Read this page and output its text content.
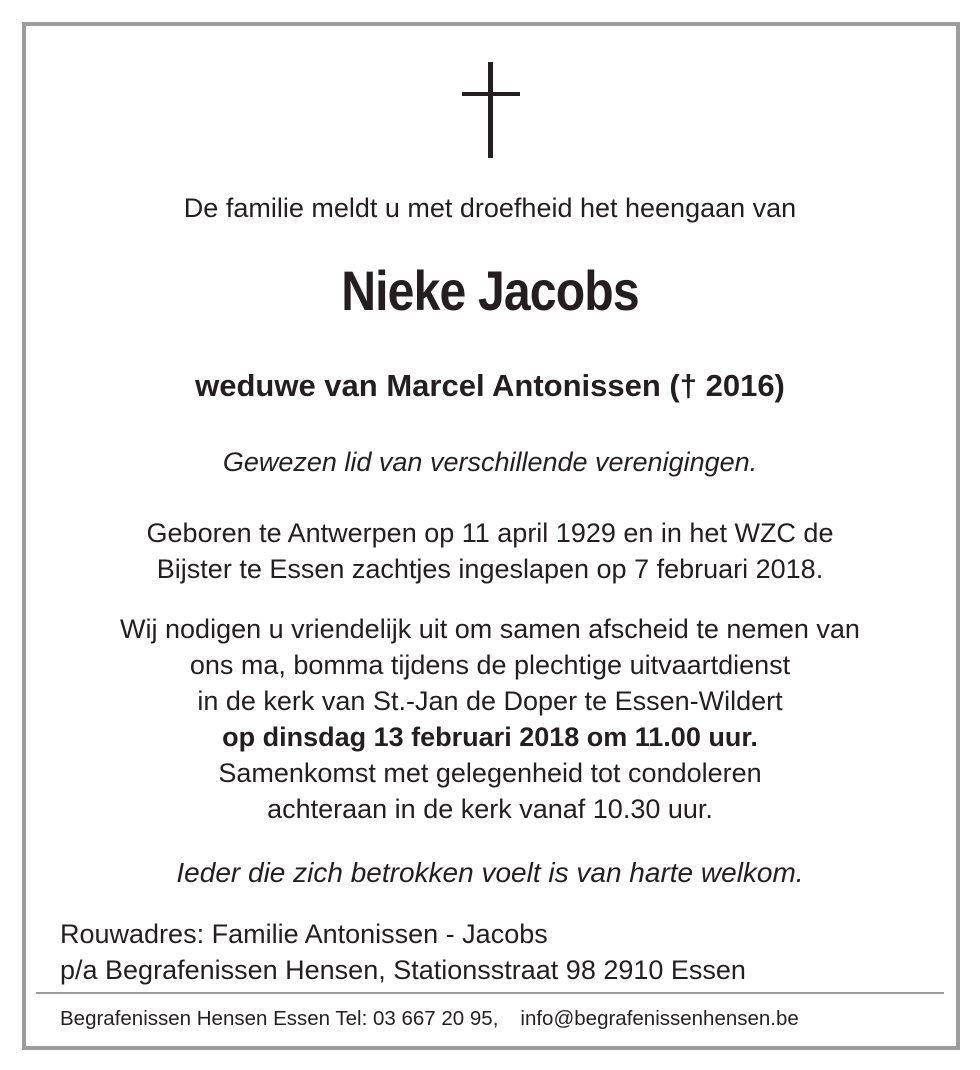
De familie meldt u met droefheid het heengaan van
Nieke Jacobs
weduwe van Marcel Antonissen († 2016)
Gewezen lid van verschillende verenigingen.
Geboren te Antwerpen op 11 april 1929 en in het WZC de
Bijster te Essen zachtjes ingeslapen op 7 februari 2018.
Wij nodigen u vriendelijk uit om samen afscheid te nemen van
ons ma, bomma tijdens de plechtige uitvaartdienst
in de kerk van St.-Jan de Doper te Essen-Wildert
op dinsdag 13 februari 2018 om 11.00 uur.
Samenkomst met gelegenheid tot condoleren
achteraan in de kerk vanaf 10.30 uur.
Ieder die zich betrokken voelt is van harte welkom.
Rouwadres: Familie Antonissen - Jacobs
p/a Begrafenissen Hensen, Stationsstraat 98 2910 Essen
Begrafenissen Hensen Essen Tel: 03 667 20 95, info@begrafenissenhensen.be
